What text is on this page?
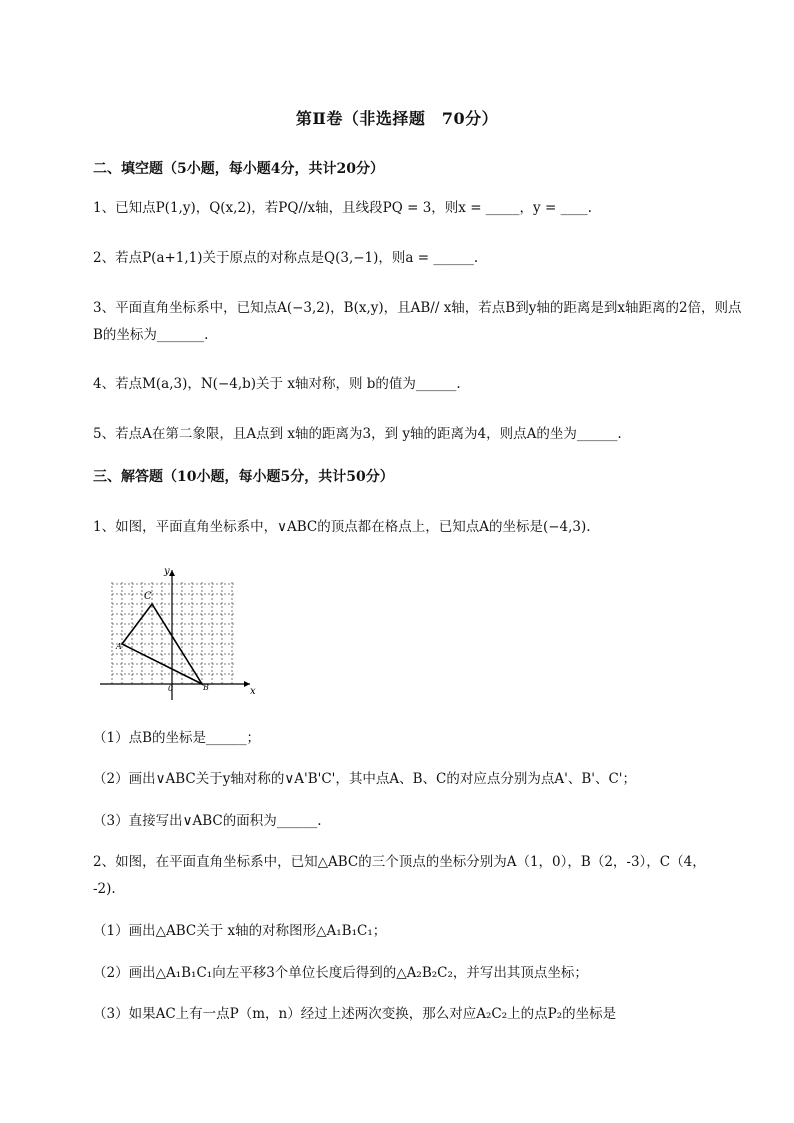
第Ⅱ卷（非选择题　70分）
二、填空题（5小题，每小题4分，共计20分）
1、已知点P(1,y)，Q(x,2)，若PQ//x轴，且线段PQ = 3，则x = _____，y = ____.
2、若点P(a+1,1)关于原点的对称点是Q(3,−1)，则a = ______.
3、平面直角坐标系中，已知点A(−3,2)，B(x,y)，且AB// x轴，若点B到y轴的距离是到x轴距离的2倍，则点B的坐标为_______.
4、若点M(a,3)，N(−4,b)关于 x轴对称，则 b的值为______.
5、若点A在第二象限，且A点到 x轴的距离为3，到 y轴的距离为4，则点A的坐为______.
三、解答题（10小题，每小题5分，共计50分）
1、如图，平面直角坐标系中，∨ABC的顶点都在格点上，已知点A的坐标是(−4,3).
y
x
C
A
B
0
（1）点B的坐标是______；
（2）画出∨ABC关于y轴对称的∨A'B'C'，其中点A、B、C的对应点分别为点A'、B'、C'；
（3）直接写出∨ABC的面积为______.
2、如图，在平面直角坐标系中，已知△ABC的三个顶点的坐标分别为A（1，0），B（2，-3），C（4，
-2).
（1）画出△ABC关于 x轴的对称图形△A₁B₁C₁；
（2）画出△A₁B₁C₁向左平移3个单位长度后得到的△A₂B₂C₂，并写出其顶点坐标；
（3）如果AC上有一点P（m，n）经过上述两次变换，那么对应A₂C₂上的点P₂的坐标是
